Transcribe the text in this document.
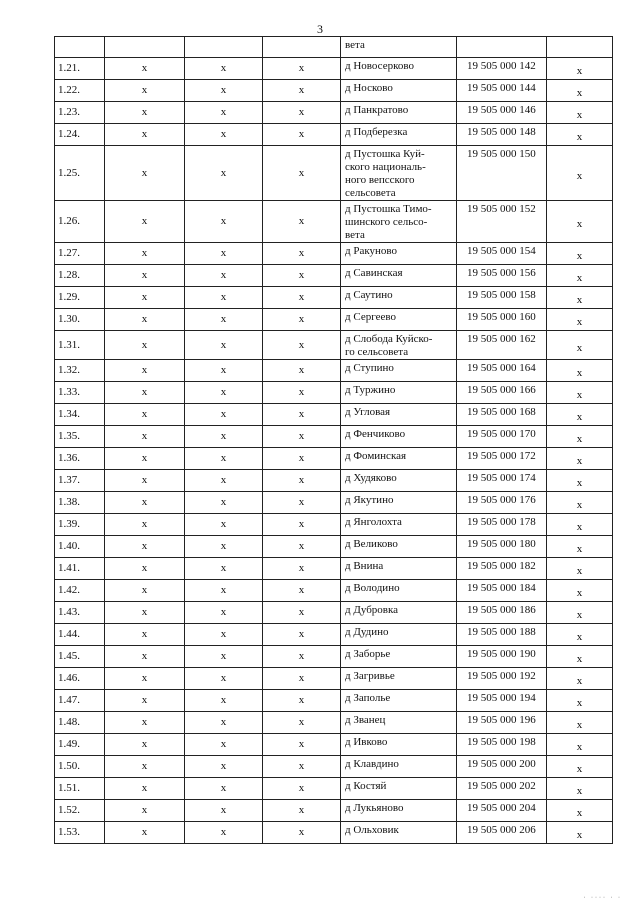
3
				вета		
1.21.	x	x	x	д Новосерково	19 505 000 142	x
1.22.	x	x	x	д Носково	19 505 000 144	x
1.23.	x	x	x	д Панкратово	19 505 000 146	x
1.24.	x	x	x	д Подберезка	19 505 000 148	x
1.25.	x	x	x	д Пустошка Куй-
ского националь-
ного вепсского
сельсовета	19 505 000 150	x
1.26.	x	x	x	д Пустошка Тимо-
шинского сельсо-
вета	19 505 000 152	x
1.27.	x	x	x	д Ракуново	19 505 000 154	x
1.28.	x	x	x	д Савинская	19 505 000 156	x
1.29.	x	x	x	д Саутино	19 505 000 158	x
1.30.	x	x	x	д Сергеево	19 505 000 160	x
1.31.	x	x	x	д Слобода Куйско-
го сельсовета	19 505 000 162	x
1.32.	x	x	x	д Ступино	19 505 000 164	x
1.33.	x	x	x	д Туржино	19 505 000 166	x
1.34.	x	x	x	д Угловая	19 505 000 168	x
1.35.	x	x	x	д Фенчиково	19 505 000 170	x
1.36.	x	x	x	д Фоминская	19 505 000 172	x
1.37.	x	x	x	д Худяково	19 505 000 174	x
1.38.	x	x	x	д Якутино	19 505 000 176	x
1.39.	x	x	x	д Янголохта	19 505 000 178	x
1.40.	x	x	x	д Великово	19 505 000 180	x
1.41.	x	x	x	д Внина	19 505 000 182	x
1.42.	x	x	x	д Володино	19 505 000 184	x
1.43.	x	x	x	д Дубровка	19 505 000 186	x
1.44.	x	x	x	д Дудино	19 505 000 188	x
1.45.	x	x	x	д Заборье	19 505 000 190	x
1.46.	x	x	x	д Загривье	19 505 000 192	x
1.47.	x	x	x	д Заполье	19 505 000 194	x
1.48.	x	x	x	д Званец	19 505 000 196	x
1.49.	x	x	x	д Ивково	19 505 000 198	x
1.50.	x	x	x	д Клавдино	19 505 000 200	x
1.51.	x	x	x	д Костяй	19 505 000 202	x
1.52.	x	x	x	д Лукьяново	19 505 000 204	x
1.53.	x	x	x	д Ольховик	19 505 000 206	x
· ···· · ·
